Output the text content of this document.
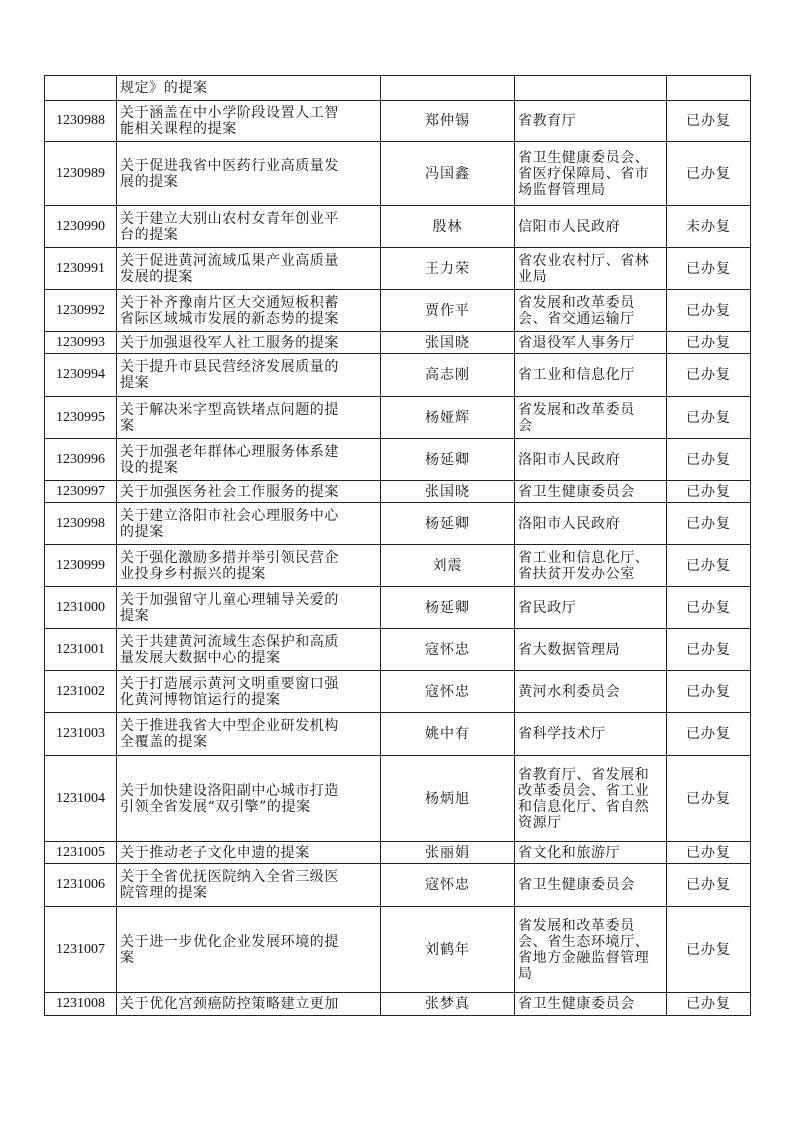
	规定》的提案			

1230988	关于涵盖在中小学阶段设置人工智
能相关课程的提案	郑仲锡	省教育厅	已办复
1230989	关于促进我省中医药行业高质量发
展的提案	冯国鑫	省卫生健康委员会、
省医疗保障局、省市
场监督管理局	已办复
1230990	关于建立大别山农村女青年创业平
台的提案	殷林	信阳市人民政府	未办复
1230991	关于促进黄河流域瓜果产业高质量
发展的提案	王力荣	省农业农村厅、省林
业局	已办复
1230992	关于补齐豫南片区大交通短板积蓄
省际区域城市发展的新态势的提案	贾作平	省发展和改革委员
会、省交通运输厅	已办复
1230993	关于加强退役军人社工服务的提案	张国晓	省退役军人事务厅	已办复
1230994	关于提升市县民营经济发展质量的
提案	高志刚	省工业和信息化厅	已办复
1230995	关于解决米字型高铁堵点问题的提
案	杨娅辉	省发展和改革委员
会	已办复
1230996	关于加强老年群体心理服务体系建
设的提案	杨延卿	洛阳市人民政府	已办复
1230997	关于加强医务社会工作服务的提案	张国晓	省卫生健康委员会	已办复
1230998	关于建立洛阳市社会心理服务中心
的提案	杨延卿	洛阳市人民政府	已办复
1230999	关于强化激励多措并举引领民营企
业投身乡村振兴的提案	刘震	省工业和信息化厅、
省扶贫开发办公室	已办复
1231000	关于加强留守儿童心理辅导关爱的
提案	杨延卿	省民政厅	已办复
1231001	关于共建黄河流域生态保护和高质
量发展大数据中心的提案	寇怀忠	省大数据管理局	已办复
1231002	关于打造展示黄河文明重要窗口强
化黄河博物馆运行的提案	寇怀忠	黄河水利委员会	已办复
1231003	关于推进我省大中型企业研发机构
全覆盖的提案	姚中有	省科学技术厅	已办复
1231004	关于加快建设洛阳副中心城市打造
引领全省发展“双引擎”的提案	杨炳旭	省教育厅、省发展和
改革委员会、省工业
和信息化厅、省自然
资源厅	已办复
1231005	关于推动老子文化申遗的提案	张丽娟	省文化和旅游厅	已办复
1231006	关于全省优抚医院纳入全省三级医
院管理的提案	寇怀忠	省卫生健康委员会	已办复
1231007	关于进一步优化企业发展环境的提
案	刘鹤年	省发展和改革委员
会、省生态环境厅、
省地方金融监督管理
局	已办复
1231008	关于优化宫颈癌防控策略建立更加	张梦真	省卫生健康委员会	已办复
